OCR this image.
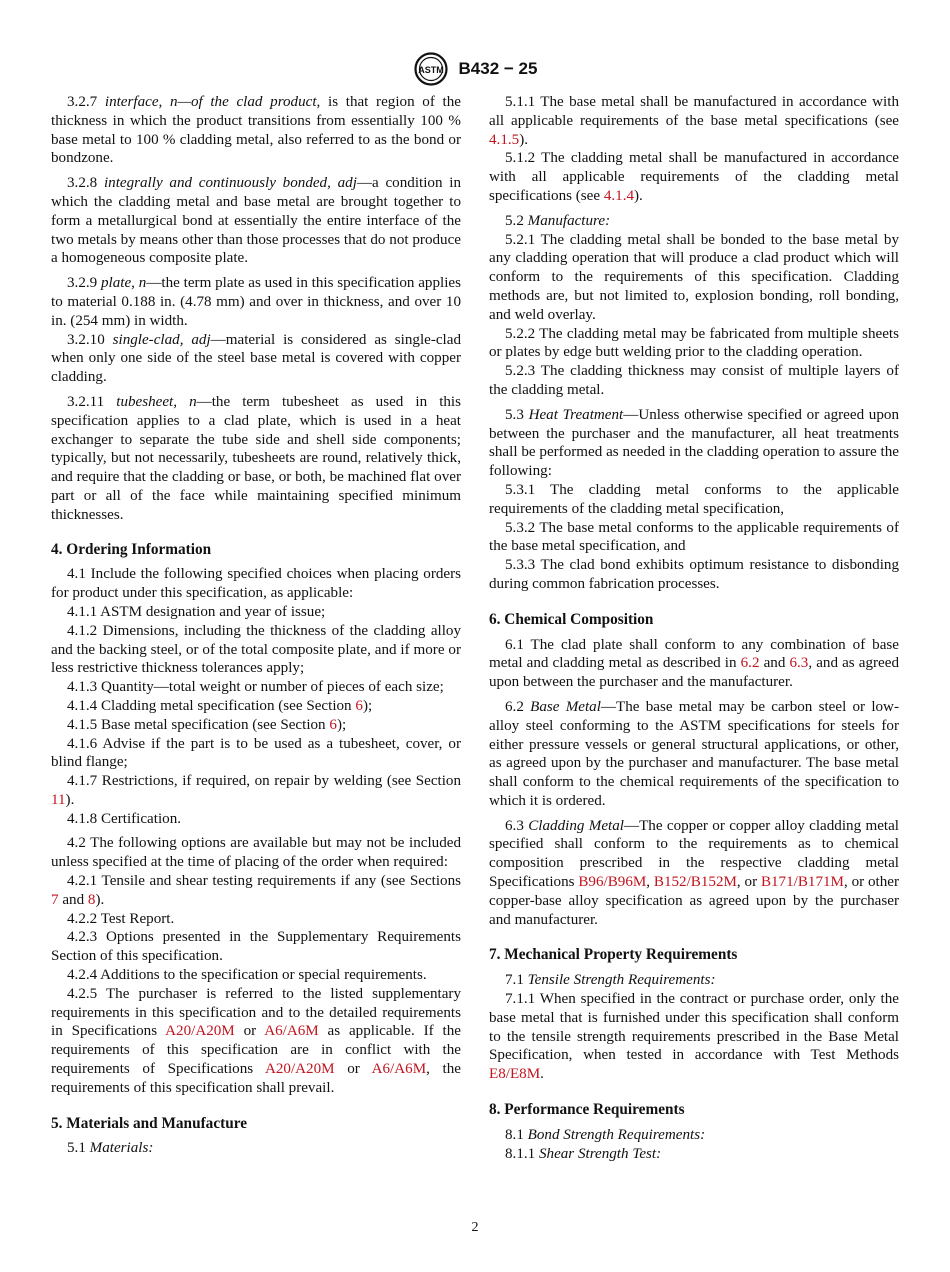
ASTM B432 − 25

3.2.7 interface, n—of the clad product, is that region of the thickness in which the product transitions from essentially 100 % base metal to 100 % cladding metal, also referred to as the bond or bondzone.

3.2.8 integrally and continuously bonded, adj—a condition in which the cladding metal and base metal are brought together to form a metallurgical bond at essentially the entire interface of the two metals by means other than those processes that do not produce a homogeneous composite plate.

3.2.9 plate, n—the term plate as used in this specification applies to material 0.188 in. (4.78 mm) and over in thickness, and over 10 in. (254 mm) in width.

3.2.10 single-clad, adj—material is considered as single-clad when only one side of the steel base metal is covered with copper cladding.

3.2.11 tubesheet, n—the term tubesheet as used in this specification applies to a clad plate, which is used in a heat exchanger to separate the tube side and shell side components; typically, but not necessarily, tubesheets are round, relatively thick, and require that the cladding or base, or both, be machined flat over part or all of the face while maintaining specified minimum thicknesses.

4. Ordering Information

4.1 Include the following specified choices when placing orders for product under this specification, as applicable:

4.1.1 ASTM designation and year of issue;

4.1.2 Dimensions, including the thickness of the cladding alloy and the backing steel, or of the total composite plate, and if more or less restrictive thickness tolerances apply;

4.1.3 Quantity—total weight or number of pieces of each size;

4.1.4 Cladding metal specification (see Section 6);

4.1.5 Base metal specification (see Section 6);

4.1.6 Advise if the part is to be used as a tubesheet, cover, or blind flange;

4.1.7 Restrictions, if required, on repair by welding (see Section 11).

4.1.8 Certification.

4.2 The following options are available but may not be included unless specified at the time of placing of the order when required:

4.2.1 Tensile and shear testing requirements if any (see Sections 7 and 8).

4.2.2 Test Report.

4.2.3 Options presented in the Supplementary Requirements Section of this specification.

4.2.4 Additions to the specification or special requirements.

4.2.5 The purchaser is referred to the listed supplementary requirements in this specification and to the detailed requirements in Specifications A20/A20M or A6/A6M as applicable. If the requirements of this specification are in conflict with the requirements of Specifications A20/A20M or A6/A6M, the requirements of this specification shall prevail.

5. Materials and Manufacture

5.1 Materials:

5.1.1 The base metal shall be manufactured in accordance with all applicable requirements of the base metal specifications (see 4.1.5).

5.1.2 The cladding metal shall be manufactured in accordance with all applicable requirements of the cladding metal specifications (see 4.1.4).

5.2 Manufacture:

5.2.1 The cladding metal shall be bonded to the base metal by any cladding operation that will produce a clad product which will conform to the requirements of this specification. Cladding methods are, but not limited to, explosion bonding, roll bonding, and weld overlay.

5.2.2 The cladding metal may be fabricated from multiple sheets or plates by edge butt welding prior to the cladding operation.

5.2.3 The cladding thickness may consist of multiple layers of the cladding metal.

5.3 Heat Treatment—Unless otherwise specified or agreed upon between the purchaser and the manufacturer, all heat treatments shall be performed as needed in the cladding operation to assure the following:

5.3.1 The cladding metal conforms to the applicable requirements of the cladding metal specification,

5.3.2 The base metal conforms to the applicable requirements of the base metal specification, and

5.3.3 The clad bond exhibits optimum resistance to disbonding during common fabrication processes.

6. Chemical Composition

6.1 The clad plate shall conform to any combination of base metal and cladding metal as described in 6.2 and 6.3, and as agreed upon between the purchaser and the manufacturer.

6.2 Base Metal—The base metal may be carbon steel or low-alloy steel conforming to the ASTM specifications for steels for either pressure vessels or general structural applications, or other, as agreed upon by the purchaser and manufacturer. The base metal shall conform to the chemical requirements of the specification to which it is ordered.

6.3 Cladding Metal—The copper or copper alloy cladding metal specified shall conform to the requirements as to chemical composition prescribed in the respective cladding metal Specifications B96/B96M, B152/B152M, or B171/B171M, or other copper-base alloy specification as agreed upon by the purchaser and manufacturer.

7. Mechanical Property Requirements

7.1 Tensile Strength Requirements:

7.1.1 When specified in the contract or purchase order, only the base metal that is furnished under this specification shall conform to the tensile strength requirements prescribed in the Base Metal Specification, when tested in accordance with Test Methods E8/E8M.

8. Performance Requirements

8.1 Bond Strength Requirements:

8.1.1 Shear Strength Test:

2
